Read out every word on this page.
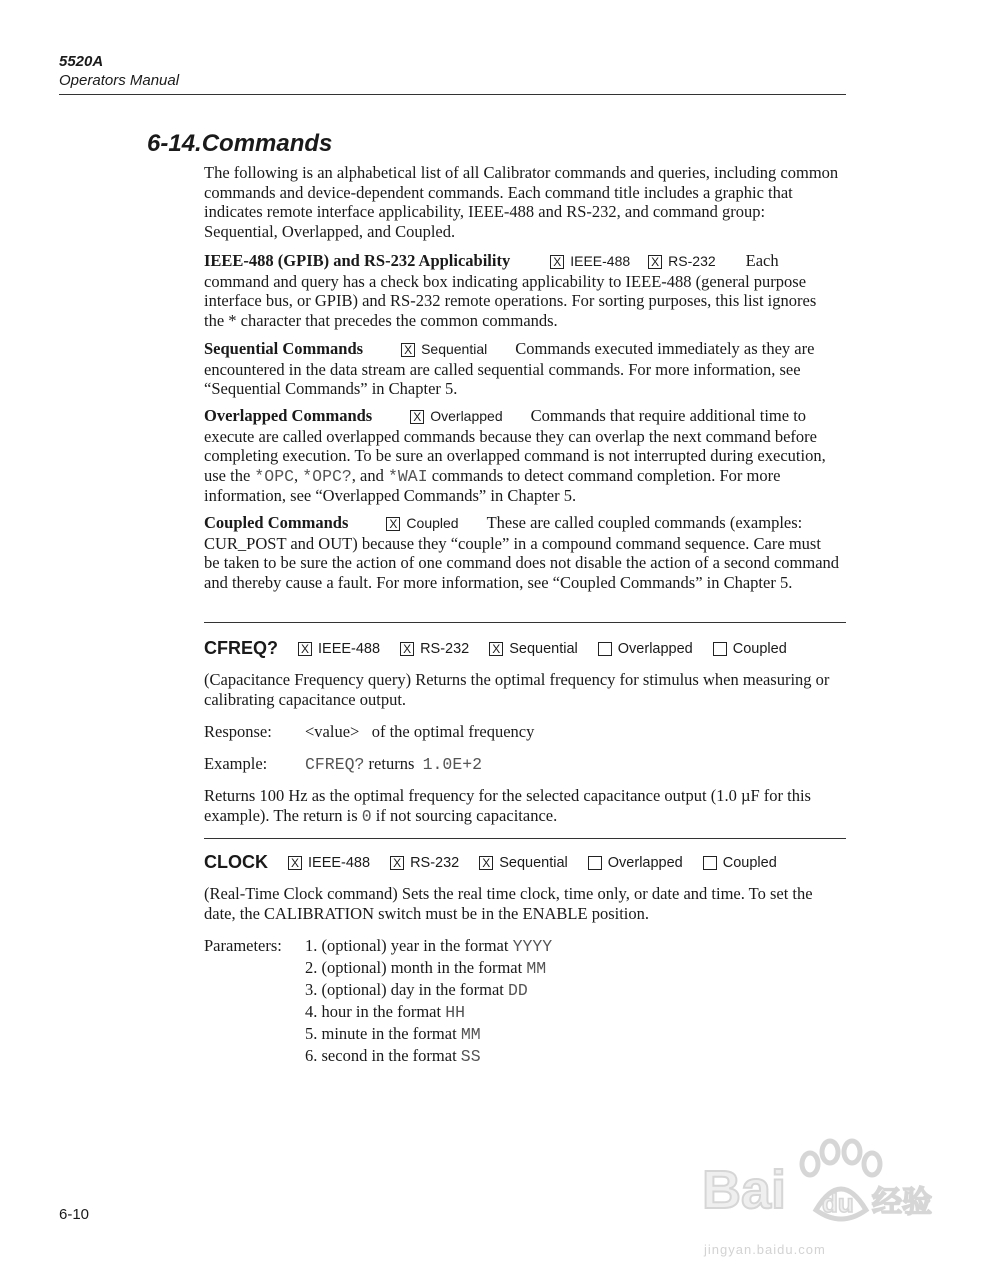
5520A
Operators Manual
6-14.Commands

The following is an alphabetical list of all Calibrator commands and queries, including common commands and device-dependent commands. Each command title includes a graphic that indicates remote interface applicability, IEEE-488 and RS-232, and command group: Sequential, Overlapped, and Coupled.

IEEE-488 (GPIB) and RS-232 Applicability	X IEEE-488 X RS-232 Each command and query has a check box indicating applicability to IEEE-488 (general purpose interface bus, or GPIB) and RS-232 remote operations. For sorting purposes, this list ignores the * character that precedes the common commands.

Sequential Commands	X Sequential Commands executed immediately as they are encountered in the data stream are called sequential commands. For more information, see “Sequential Commands” in Chapter 5.

Overlapped Commands	X Overlapped Commands that require additional time to execute are called overlapped commands because they can overlap the next command before completing execution. To be sure an overlapped command is not interrupted during execution, use the *OPC, *OPC?, and *WAI commands to detect command completion. For more information, see “Overlapped Commands” in Chapter 5.

Coupled Commands	X Coupled These are called coupled commands (examples: CUR_POST and OUT) because they “couple” in a compound command sequence. Care must be taken to be sure the action of one command does not disable the action of a second command and thereby cause a fault. For more information, see “Coupled Commands” in Chapter 5.

CFREQ? X IEEE-488 X RS-232 X Sequential	Overlapped	Coupled

(Capacitance Frequency query) Returns the optimal frequency for stimulus when measuring or calibrating capacitance output.

Response: <value> of the optimal frequency
Example: CFREQ? returns 1.0E+2

Returns 100 Hz as the optimal frequency for the selected capacitance output (1.0 µF for this example). The return is 0 if not sourcing capacitance.

CLOCK X IEEE-488 X RS-232 X Sequential	Overlapped	Coupled

(Real-Time Clock command) Sets the real time clock, time only, or date and time. To set the date, the CALIBRATION switch must be in the ENABLE position.

Parameters:	1. (optional) year in the format YYYY
2. (optional) month in the format MM
3. (optional) day in the format DD
4. hour in the format HH
5. minute in the format MM
6. second in the format SS
6-10	Bai du 经验
jingyan.baidu.com
